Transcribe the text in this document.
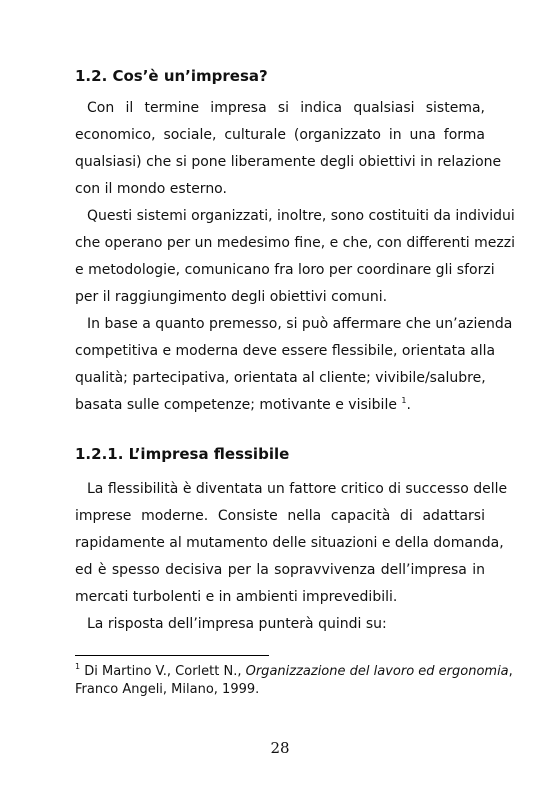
1.2. Cos’è un’impresa?
Con il termine impresa si indica qualsiasi sistema,
economico, sociale, culturale (organizzato in una forma
qualsiasi) che si pone liberamente degli obiettivi in relazione
con il mondo esterno.
Questi sistemi organizzati, inoltre, sono costituiti da individui
che operano per un medesimo fine, e che, con differenti mezzi
e metodologie, comunicano fra loro per coordinare gli sforzi
per il raggiungimento degli obiettivi comuni.
In base a quanto premesso, si può affermare che un’azienda
competitiva e moderna deve essere flessibile, orientata alla
qualità; partecipativa, orientata al cliente; vivibile/salubre,
basata sulle competenze; motivante e visibile $^1$.
1.2.1. L’impresa flessibile
La flessibilità è diventata un fattore critico di successo delle
imprese moderne. Consiste nella capacità di adattarsi
rapidamente al mutamento delle situazioni e della domanda,
ed è spesso decisiva per la sopravvivenza dell’impresa in
mercati turbolenti e in ambienti imprevedibili.
La risposta dell’impresa punterà quindi su:
$^1$ Di Martino V., Corlett N., Organizzazione del lavoro ed ergonomia,
Franco Angeli, Milano, 1999.
28
